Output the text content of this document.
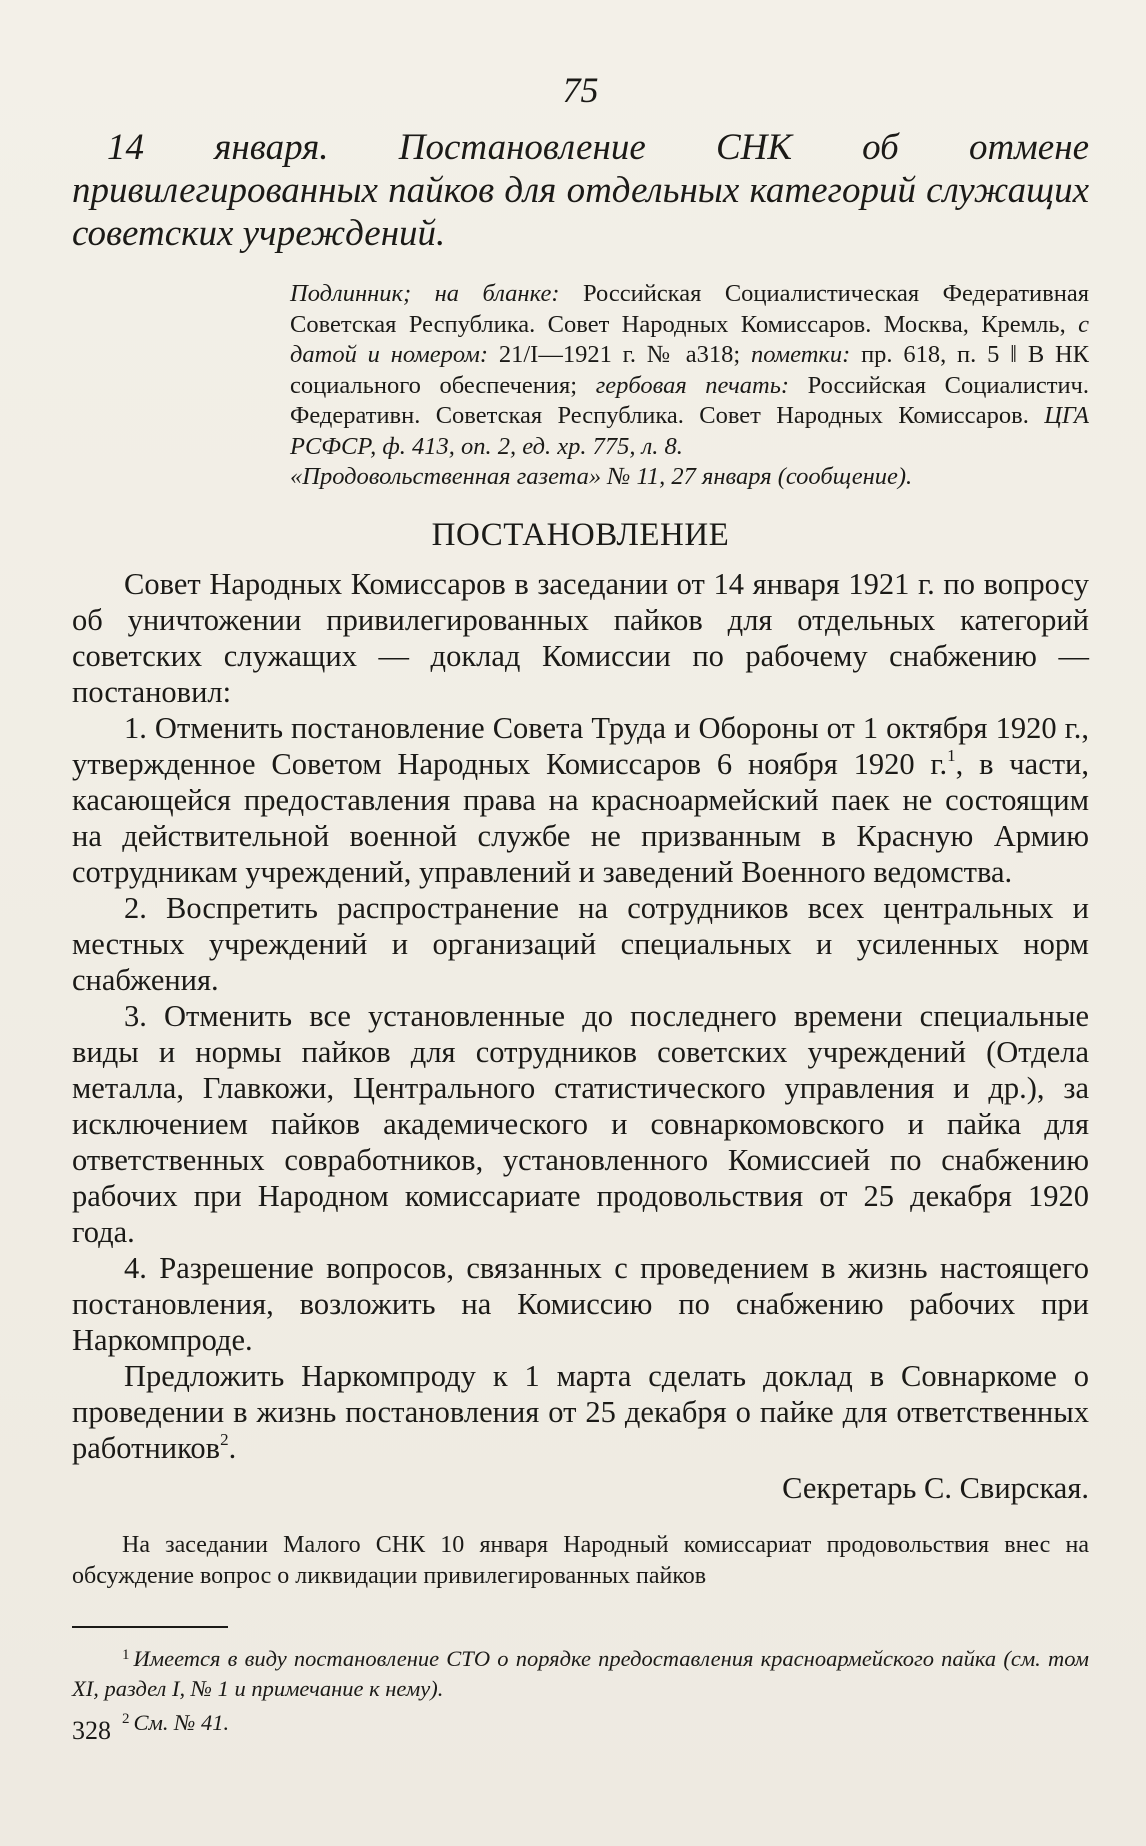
75
14 января. Постановление СНК об отмене привилегированных пайков для отдельных категорий служащих советских учреждений.

Подлинник; на бланке: Российская Социалистическая Федеративная Советская Республика. Совет Народных Комиссаров. Москва, Кремль, с датой и номером: 21/I—1921 г. № а318; пометки: пр. 618, п. 5 ‖ В НК социального обеспечения; гербовая печать: Российская Социалистич. Федеративн. Советская Республика. Совет Народных Комиссаров. ЦГА РСФСР, ф. 413, оп. 2, ед. хр. 775, л. 8.

«Продовольственная газета» № 11, 27 января (сообщение).

ПОСТАНОВЛЕНИЕ

Совет Народных Комиссаров в заседании от 14 января 1921 г. по вопросу об уничтожении привилегированных пайков для отдельных категорий советских служащих — доклад Комиссии по рабочему снабжению — постановил:

1. Отменить постановление Совета Труда и Обороны от 1 октября 1920 г., утвержденное Советом Народных Комиссаров 6 ноября 1920 г.$^1$, в части, касающейся предоставления права на красноармейский паек не состоящим на действительной военной службе не призванным в Красную Армию сотрудникам учреждений, управлений и заведений Военного ведомства.

2. Воспретить распространение на сотрудников всех центральных и местных учреждений и организаций специальных и усиленных норм снабжения.

3. Отменить все установленные до последнего времени специальные виды и нормы пайков для сотрудников советских учреждений (Отдела металла, Главкожи, Центрального статистического управления и др.), за исключением пайков академического и совнаркомовского и пайка для ответственных совработников, установленного Комиссией по снабжению рабочих при Народном комиссариате продовольствия от 25 декабря 1920 года.

4. Разрешение вопросов, связанных с проведением в жизнь настоящего постановления, возложить на Комиссию по снабжению рабочих при Наркомпроде.

Предложить Наркомпроду к 1 марта сделать доклад в Совнаркоме о проведении в жизнь постановления от 25 декабря о пайке для ответственных работников$^2$.

Секретарь С. Свирская.
На заседании Малого СНК 10 января Народный комиссариат продовольствия внес на обсуждение вопрос о ликвидации привилегированных пайков

$^1$ Имеется в виду постановление СТО о порядке предоставления красноармейского пайка (см. том XI, раздел I, № 1 и примечание к нему).

$^2$ См. № 41.

328
